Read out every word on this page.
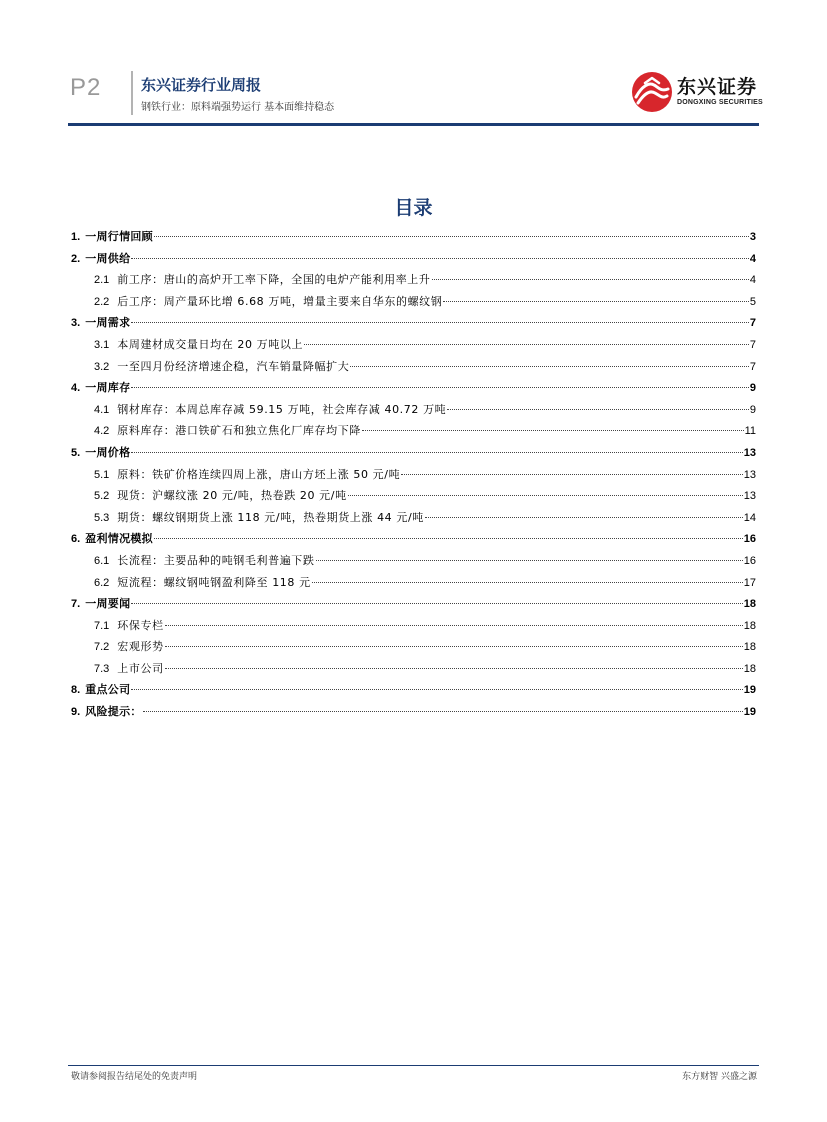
P2	东兴证券行业周报
钢铁行业：原料端强势运行 基本面维持稳态
东兴证券
DONGXING SECURITIES
目录
1. 一周行情回顾	3
2. 一周供给	4
2.1 前工序：唐山的高炉开工率下降，全国的电炉产能利用率上升	4
2.2 后工序：周产量环比增 6.68 万吨，增量主要来自华东的螺纹钢	5
3. 一周需求	7
3.1 本周建材成交量日均在 20 万吨以上	7
3.2 一至四月份经济增速企稳，汽车销量降幅扩大	7
4. 一周库存	9
4.1 钢材库存：本周总库存减 59.15 万吨，社会库存减 40.72 万吨	9
4.2 原料库存：港口铁矿石和独立焦化厂库存均下降	11
5. 一周价格	13
5.1 原料：铁矿价格连续四周上涨，唐山方坯上涨 50 元/吨	13
5.2 现货：沪螺纹涨 20 元/吨，热卷跌 20 元/吨	13
5.3 期货：螺纹钢期货上涨 118 元/吨，热卷期货上涨 44 元/吨	14
6. 盈利情况模拟	16
6.1 长流程：主要品种的吨钢毛利普遍下跌	16
6.2 短流程：螺纹钢吨钢盈利降至 118 元	17
7. 一周要闻	18
7.1 环保专栏	18
7.2 宏观形势	18
7.3 上市公司	18
8. 重点公司	19
9. 风险提示：	19
敬请参阅报告结尾处的免责声明	东方财智 兴盛之源
